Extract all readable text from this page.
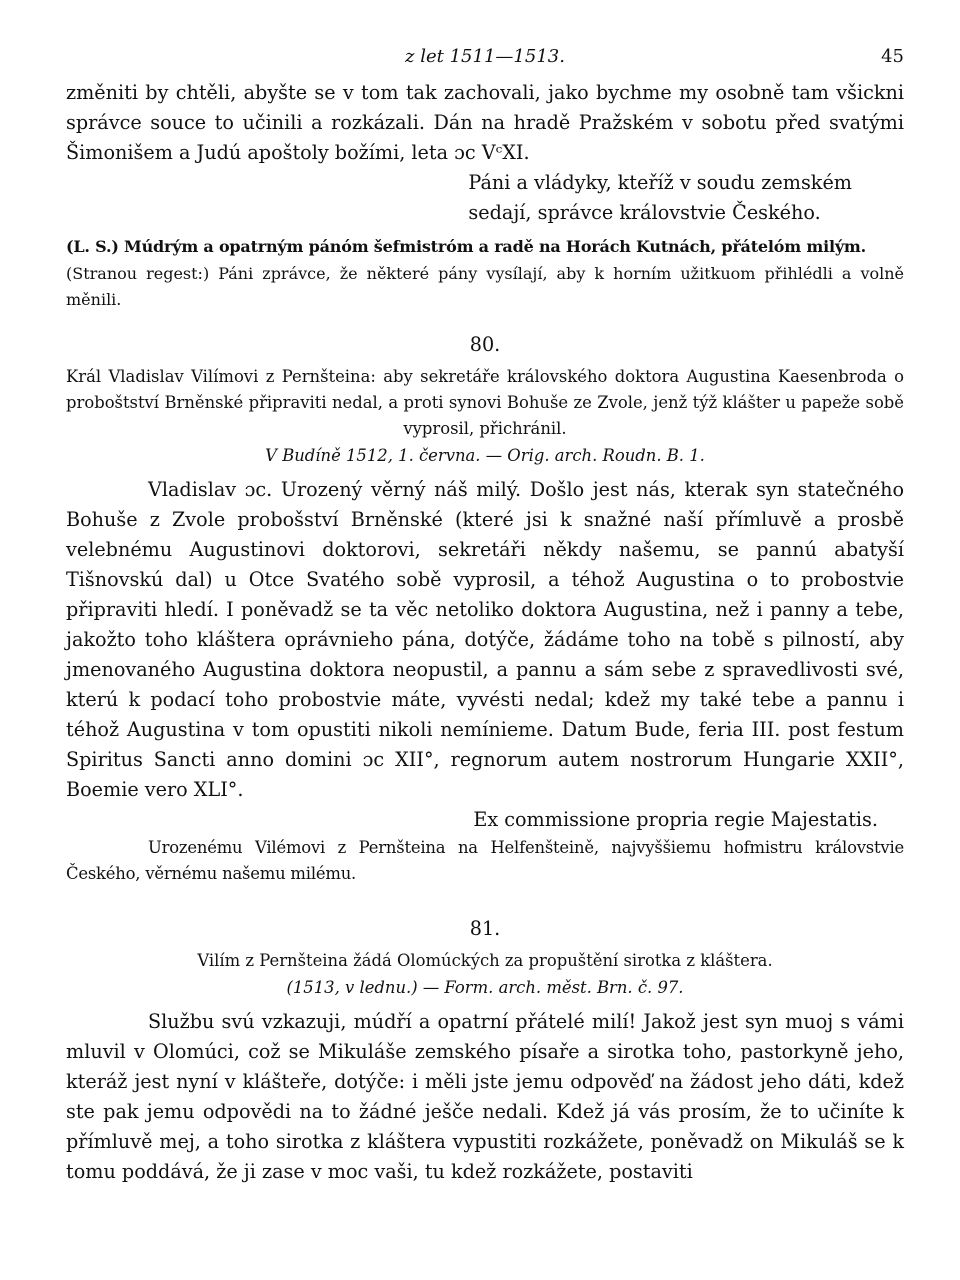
z let 1511—1513.	45

změniti by chtěli, abyšte se v tom tak zachovali, jako bychme my osobně tam všickni správce souce to učinili a rozkázali. Dán na hradě Pražském v sobotu před svatými Šimonišem a Judú apoštoly božími, leta ɔc VᶜXI.

Páni a vládyky, kteříž v soudu zemském
sedají, správce královstvie Českého.

(L. S.) Múdrým a opatrným pánóm šefmistróm a radě na Horách Kutnách, přátelóm milým.

(Stranou regest:) Páni zprávce, že některé pány vysílají, aby k horním užitkuom přihlédli a volně měnili.

80.

Král Vladislav Vilímovi z Pernšteina: aby sekretáře královského doktora Augustina Kaesenbroda o proboštství Brněnské připraviti nedal, a proti synovi Bohuše ze Zvole, jenž týž klášter u papeže sobě vyprosil, přichránil.

V Budíně 1512, 1. června. — Orig. arch. Roudn. B. 1.

Vladislav ɔc. Urozený věrný náš milý. Došlo jest nás, kterak syn statečného Bohuše z Zvole probošství Brněnské (které jsi k snažné naší přímluvě a prosbě velebnému Augustinovi doktorovi, sekretáři někdy našemu, se pannú abatyší Tišnovskú dal) u Otce Svatého sobě vyprosil, a téhož Augustina o to probostvie připraviti hledí. I poněvadž se ta věc netoliko doktora Augustina, než i panny a tebe, jakožto toho kláštera oprávnieho pána, dotýče, žádáme toho na tobě s pilností, aby jmenovaného Augustina doktora neopustil, a pannu a sám sebe z spravedlivosti své, kterú k podací toho probostvie máte, vyvésti nedal; kdež my také tebe a pannu i téhož Augustina v tom opustiti nikoli nemínieme. Datum Bude, feria III. post festum Spiritus Sancti anno domini ɔc XII°, regnorum autem nostrorum Hungarie XXII°, Boemie vero XLI°.

Ex commissione propria regie Majestatis.

Urozenému Vilémovi z Pernšteina na Helfenšteině, najvyššiemu hofmistru královstvie Českého, věrnému našemu milému.

81.

Vilím z Pernšteina žádá Olomúckých za propuštění sirotka z kláštera.

(1513, v lednu.) — Form. arch. měst. Brn. č. 97.

Službu svú vzkazuji, múdří a opatrní přátelé milí! Jakož jest syn muoj s vámi mluvil v Olomúci, což se Mikuláše zemského písaře a sirotka toho, pastorkyně jeho, kteráž jest nyní v klášteře, dotýče: i měli jste jemu odpověď na žádost jeho dáti, kdež ste pak jemu odpovědi na to žádné ješče nedali. Kdež já vás prosím, že to učiníte k přímluvě mej, a toho sirotka z kláštera vypustiti rozkážete, poněvadž on Mikuláš se k tomu poddává, že ji zase v moc vaši, tu kdež rozkážete, postaviti
